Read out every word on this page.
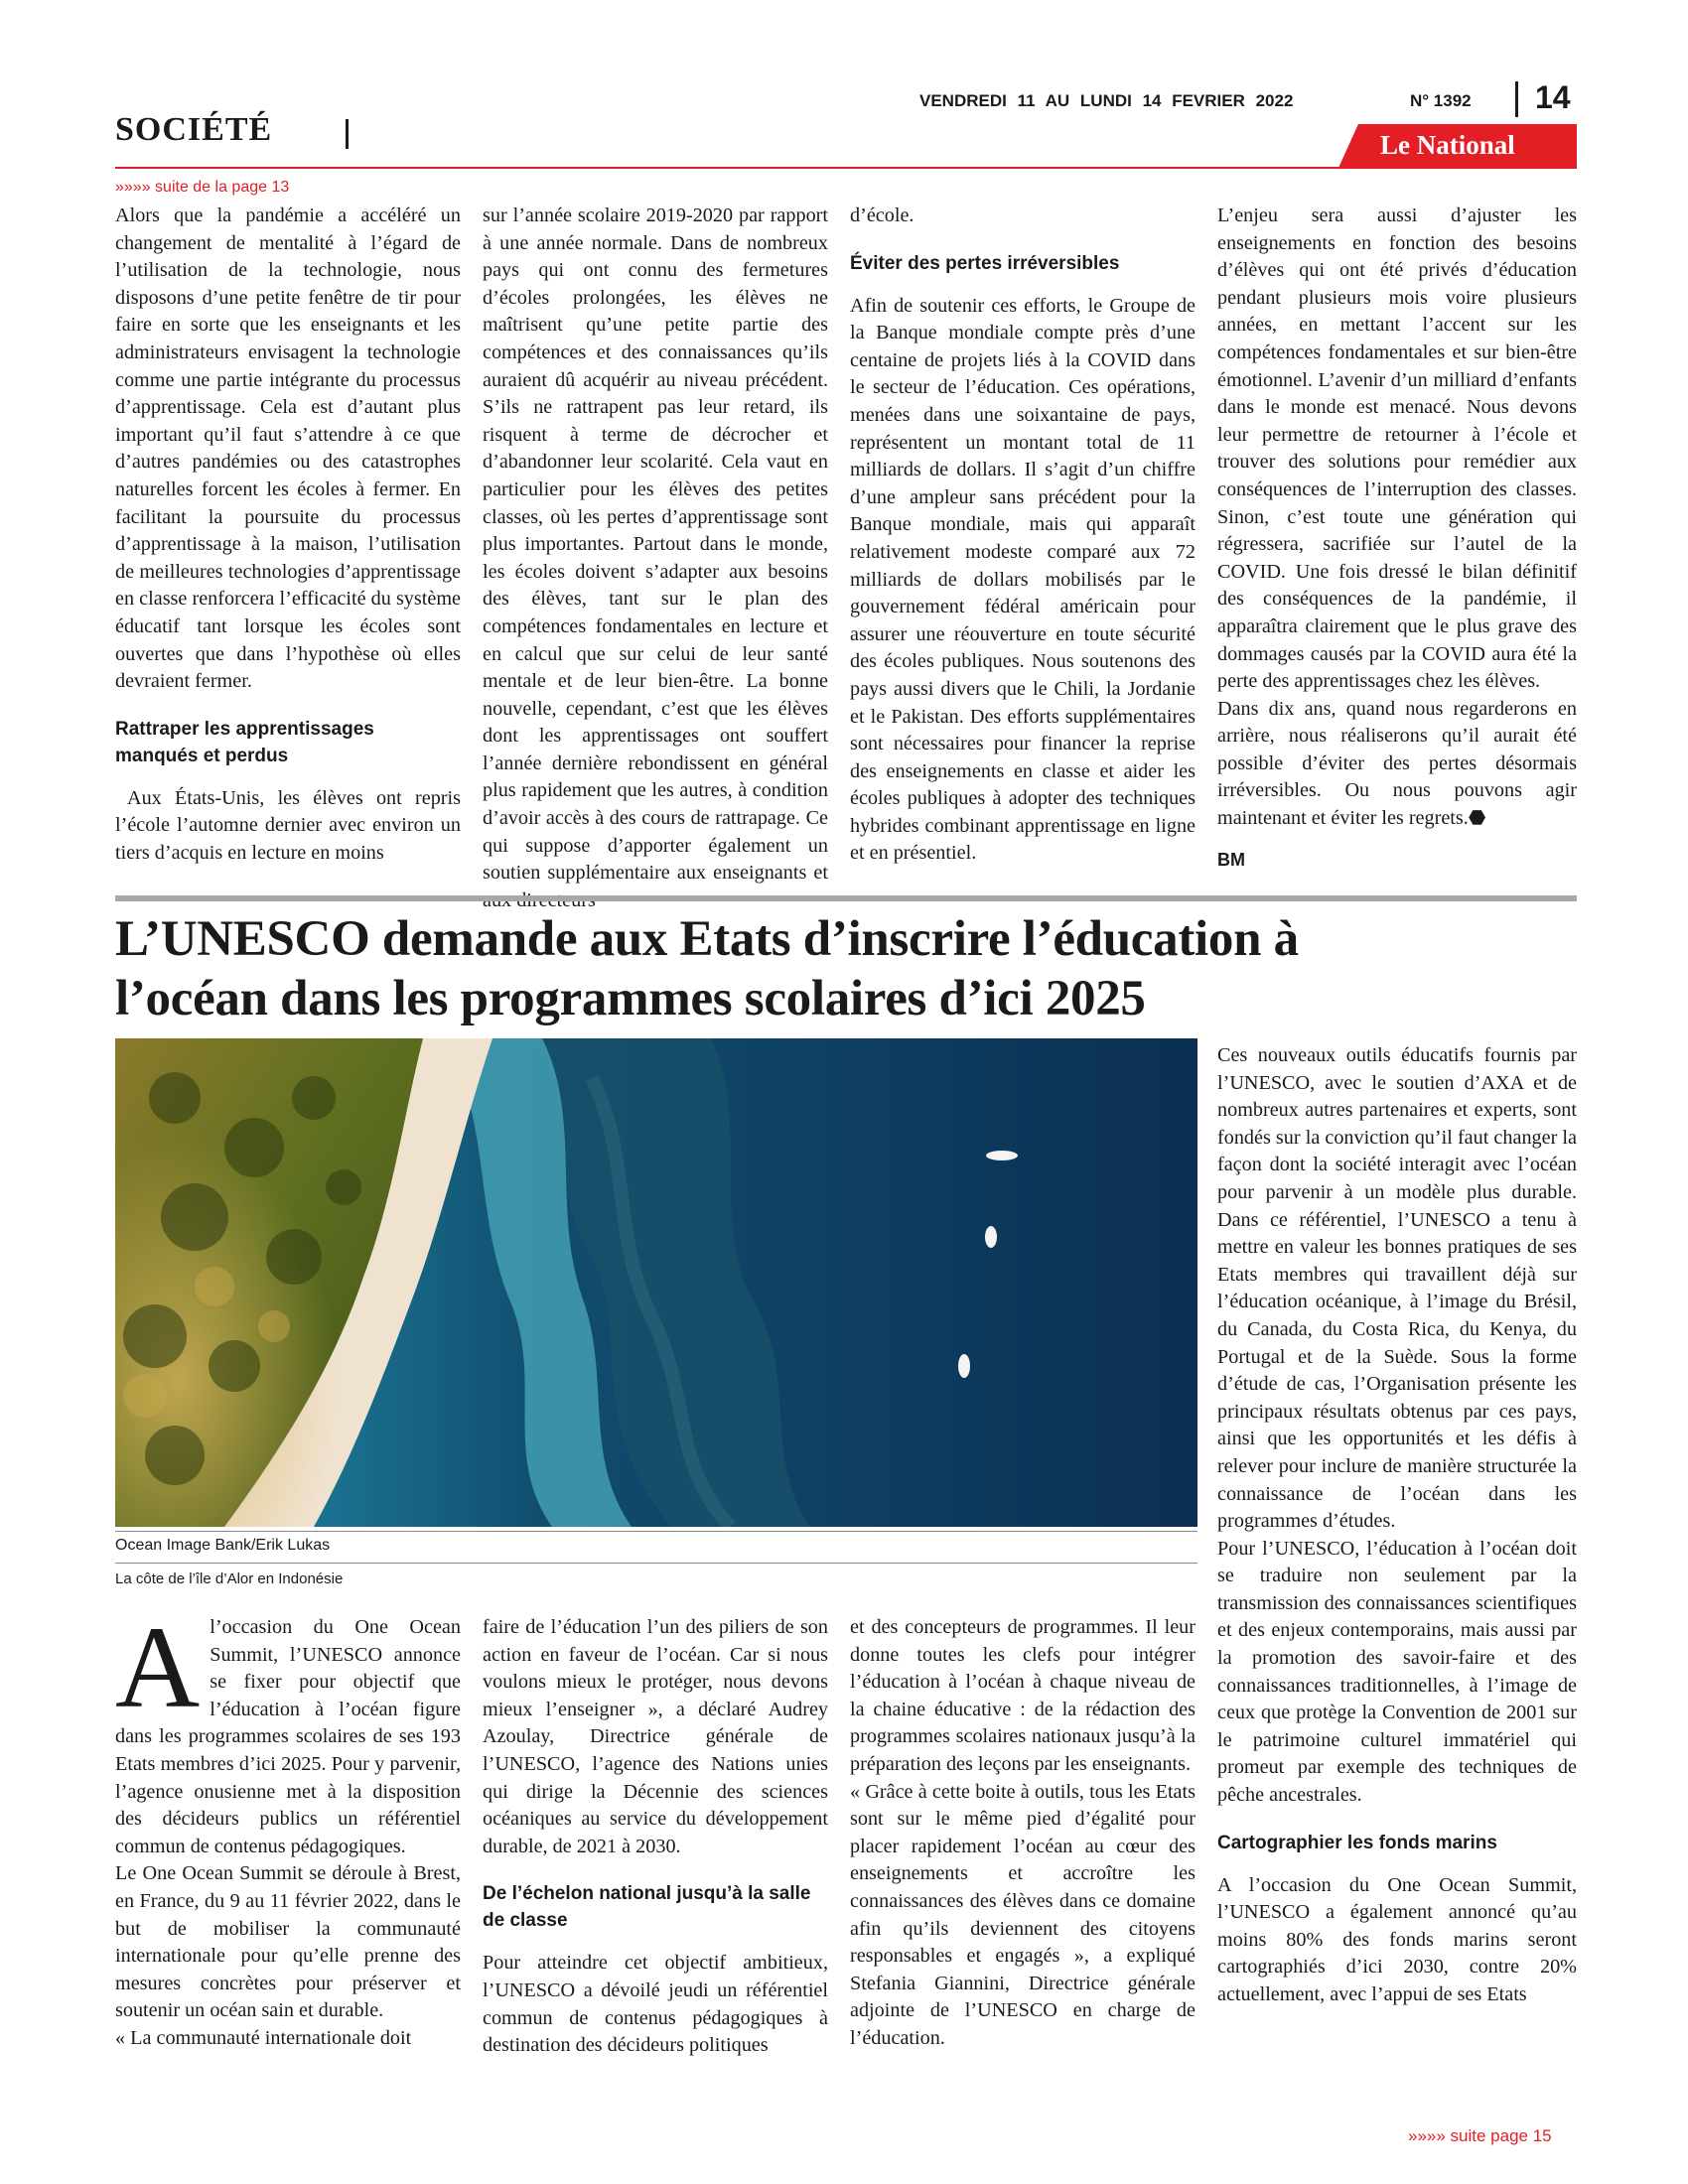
SOCIÉTÉ
VENDREDI 11 AU LUNDI 14 FEVRIER 2022	N° 1392 14
Le National
»»»» suite de la page 13

Alors que la pandémie a accéléré un changement de mentalité à l’égard de l’utilisation de la technologie, nous disposons d’une petite fenêtre de tir pour faire en sorte que les enseignants et les administrateurs envisagent la technologie comme une partie intégrante du processus d’apprentissage. Cela est d’autant plus important qu’il faut s’attendre à ce que d’autres pandémies ou des catastrophes naturelles forcent les écoles à fermer. En facilitant la poursuite du processus d’apprentissage à la maison, l’utilisation de meilleures technologies d’apprentissage en classe renforcera l’efficacité du système éducatif tant lorsque les écoles sont ouvertes que dans l’hypothèse où elles devraient fermer.

Rattraper les apprentissages manqués et perdus

Aux États-Unis, les élèves ont repris l’école l’automne dernier avec environ un tiers d’acquis en lecture en moins

sur l’année scolaire 2019-2020 par rapport à une année normale. Dans de nombreux pays qui ont connu des fermetures d’écoles prolongées, les élèves ne maîtrisent qu’une petite partie des compétences et des connaissances qu’ils auraient dû acquérir au niveau précédent. S’ils ne rattrapent pas leur retard, ils risquent à terme de décrocher et d’abandonner leur scolarité. Cela vaut en particulier pour les élèves des petites classes, où les pertes d’apprentissage sont plus importantes. Partout dans le monde, les écoles doivent s’adapter aux besoins des élèves, tant sur le plan des compétences fondamentales en lecture et en calcul que sur celui de leur santé mentale et de leur bien-être. La bonne nouvelle, cependant, c’est que les élèves dont les apprentissages ont souffert l’année dernière rebondissent en général plus rapidement que les autres, à condition d’avoir accès à des cours de rattrapage. Ce qui suppose d’apporter également un soutien supplémentaire aux enseignants et

d’école.

Éviter des pertes irréversibles

Afin de soutenir ces efforts, le Groupe de la Banque mondiale compte près d’une centaine de projets liés à la COVID dans le secteur de l’éducation. Ces opérations, menées dans une soixantaine de pays, représentent un montant total de 11 milliards de dollars. Il s’agit d’un chiffre d’une ampleur sans précédent pour la Banque mondiale, mais qui apparaît relativement modeste comparé aux 72 milliards de dollars mobilisés par le gouvernement fédéral américain pour assurer une réouverture en toute sécurité des écoles publiques. Nous soutenons des pays aussi divers que le Chili, la Jordanie et le Pakistan. Des efforts supplémentaires sont nécessaires pour financer la reprise des enseignements en classe et aider les écoles publiques à adopter des techniques hybrides combinant apprentissage en ligne et en présentiel.

L’enjeu sera aussi d’ajuster les enseignements en fonction des besoins d’élèves qui ont été privés d’éducation pendant plusieurs mois voire plusieurs années, en mettant l’accent sur les compétences fondamentales et sur bien-être émotionnel. L’avenir d’un milliard d’enfants dans le monde est menacé. Nous devons leur permettre de retourner à l’école et trouver des solutions pour remédier aux conséquences de l’interruption des classes. Sinon, c’est toute une génération qui régressera, sacrifiée sur l’autel de la COVID. Une fois dressé le bilan définitif des conséquences de la pandémie, il apparaîtra clairement que le plus grave des dommages causés par la COVID aura été la perte des apprentissages chez les élèves.

Dans dix ans, quand nous regarderons en arrière, nous réaliserons qu’il aurait été possible d’éviter des pertes désormais irréversibles. Ou nous pouvons agir maintenant et éviter les regrets.⬣

BM

L’UNESCO demande aux Etats d’inscrire l’éducation à
l’océan dans les programmes scolaires d’ici 2025
Ocean Image Bank/Erik Lukas
La côte de l’île d’Alor en Indonésie

Al’occasion du One Ocean Summit, l’UNESCO annonce se fixer pour objectif que l’éducation à l’océan figure dans les programmes scolaires de ses 193 Etats membres d’ici 2025. Pour y parvenir, l’agence onusienne met à la disposition des décideurs publics un référentiel commun de contenus pédagogiques.

Le One Ocean Summit se déroule à Brest, en France, du 9 au 11 février 2022, dans le but de mobiliser la communauté internationale pour qu’elle prenne des mesures concrètes pour préserver et soutenir un océan sain et durable.

« La communauté internationale doit

faire de l’éducation l’un des piliers de son action en faveur de l’océan. Car si nous voulons mieux le protéger, nous devons mieux l’enseigner », a déclaré Audrey Azoulay, Directrice générale de l’UNESCO, l’agence des Nations unies qui dirige la Décennie des sciences océaniques au service du développement durable, de 2021 à 2030.

De l’échelon national jusqu’à la salle de classe

Pour atteindre cet objectif ambitieux, l’UNESCO a dévoilé jeudi un référentiel commun de contenus pédagogiques à destination des décideurs politiques

et des concepteurs de programmes. Il leur donne toutes les clefs pour intégrer l’éducation à l’océan à chaque niveau de la chaine éducative : de la rédaction des programmes scolaires nationaux jusqu’à la préparation des leçons par les enseignants.

« Grâce à cette boite à outils, tous les Etats sont sur le même pied d’égalité pour placer rapidement l’océan au cœur des enseignements et accroître les connaissances des élèves dans ce domaine afin qu’ils deviennent des citoyens responsables et engagés », a expliqué Stefania Giannini, Directrice générale adjointe de l’UNESCO en charge de l’éducation.

Ces nouveaux outils éducatifs fournis par l’UNESCO, avec le soutien d’AXA et de nombreux autres partenaires et experts, sont fondés sur la conviction qu’il faut changer la façon dont la société interagit avec l’océan pour parvenir à un modèle plus durable. Dans ce référentiel, l’UNESCO a tenu à mettre en valeur les bonnes pratiques de ses Etats membres qui travaillent déjà sur l’éducation océanique, à l’image du Brésil, du Canada, du Costa Rica, du Kenya, du Portugal et de la Suède. Sous la forme d’étude de cas, l’Organisation présente les principaux résultats obtenus par ces pays, ainsi que les opportunités et les défis à relever pour inclure de manière structurée la connaissance de l’océan dans les programmes d’études.

Pour l’UNESCO, l’éducation à l’océan doit se traduire non seulement par la transmission des connaissances scientifiques et des enjeux contemporains, mais aussi par la promotion des savoir-faire et des connaissances traditionnelles, à l’image de ceux que protège la Convention de 2001 sur le patrimoine culturel immatériel qui promeut par exemple des techniques de pêche ancestrales.

Cartographier les fonds marins

A l’occasion du One Ocean Summit, l’UNESCO a également annoncé qu’au moins 80% des fonds marins seront cartographiés d’ici 2030, contre 20% actuellement, avec l’appui de ses Etats

»»»» suite page 15
